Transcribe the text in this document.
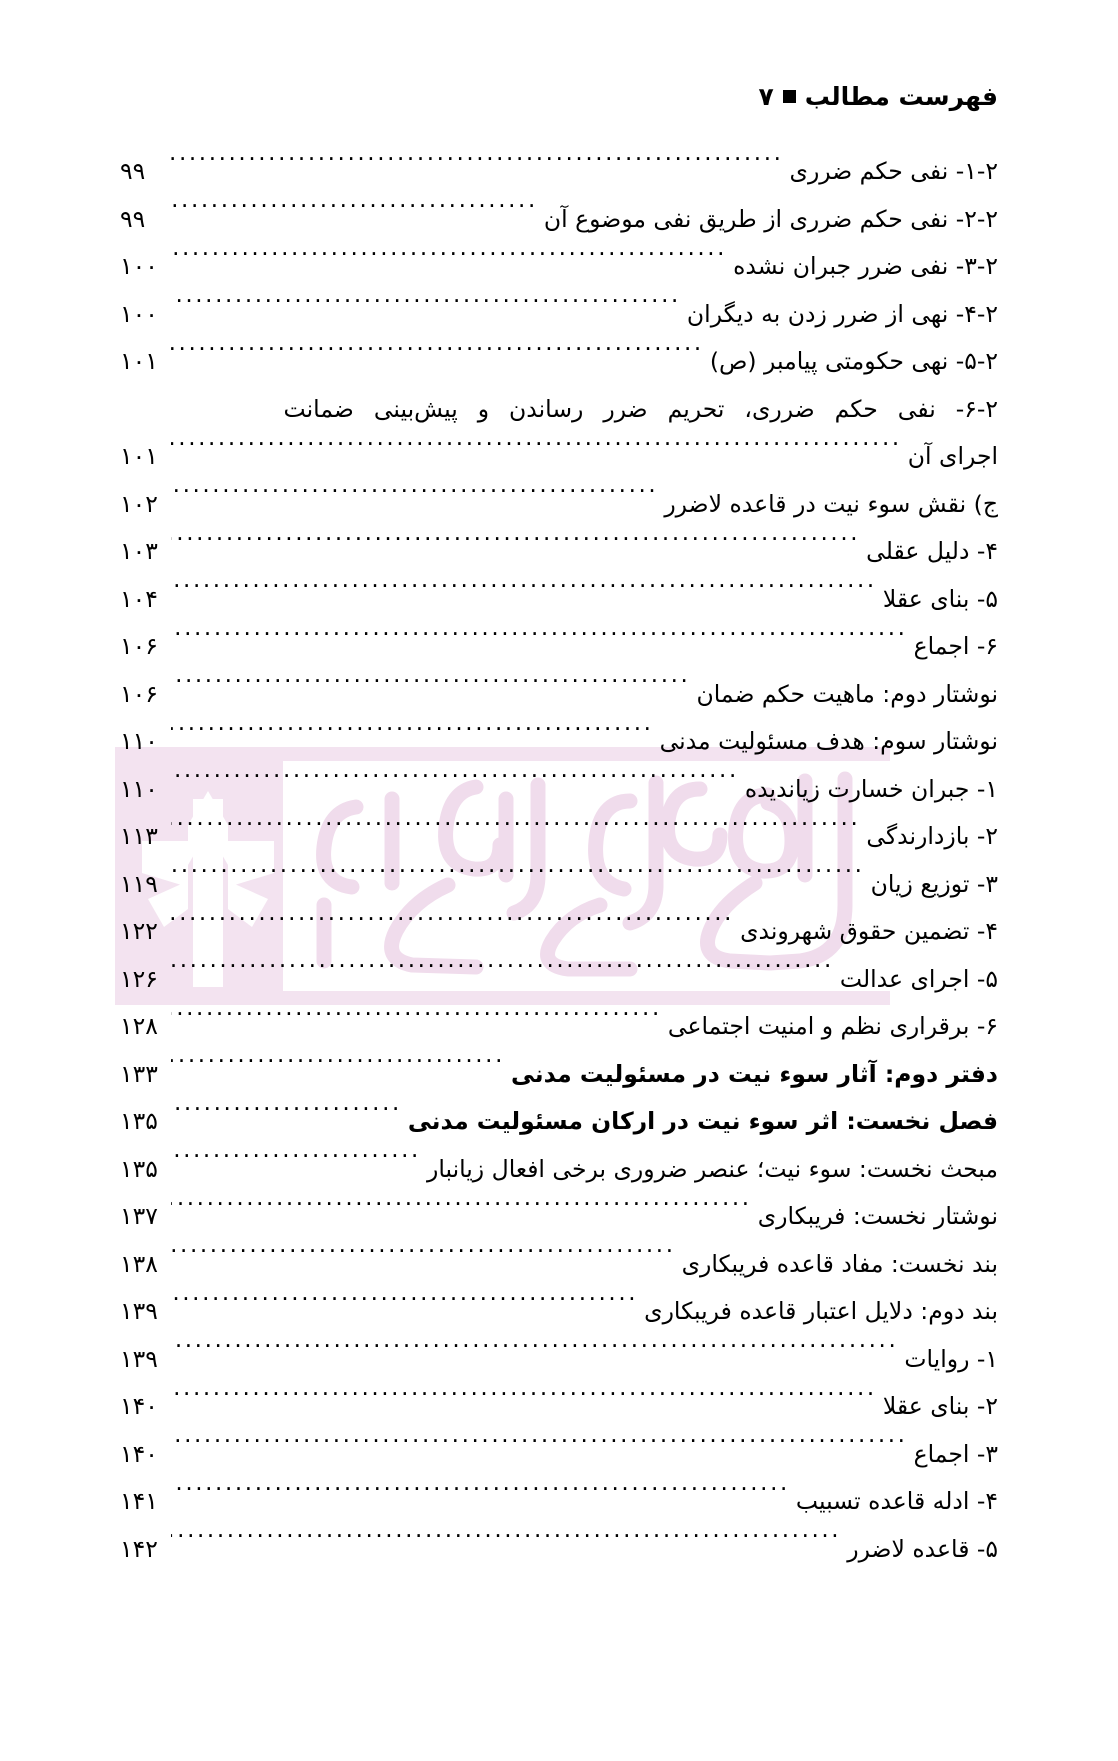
فهرست مطالب
۷
۱-۲- نفی حکم ضرری
.....
۹۹
۲-۲- نفی حکم ضرری از طریق نفی موضوع آن
.....
۹۹
۳-۲- نفی ضرر جبران نشده
.....
۱۰۰
۴-۲- نهی از ضرر زدن به دیگران
.....
۱۰۰
۵-۲- نهی حکومتی پیامبر (ص)
.....
۱۰۱
۶-۲- نفی حکم ضرری، تحریم ضرر رساندن و پیش‌بینی ضمانت
اجرای آن
.....
۱۰۱
ج) نقش سوء نیت در قاعده لاضرر
.....
۱۰۲
۴- دلیل عقلی
.....
۱۰۳
۵- بنای عقلا
.....
۱۰۴
۶- اجماع
.....
۱۰۶
نوشتار دوم: ماهیت حکم ضمان
.....
۱۰۶
نوشتار سوم: هدف مسئولیت مدنی
.....
۱۱۰
۱- جبران خسارت زیاندیده
.....
۱۱۰
۲- بازدارندگی
.....
۱۱۳
۳- توزیع زیان
.....
۱۱۹
۴- تضمین حقوق شهروندی
.....
۱۲۲
۵- اجرای عدالت
.....
۱۲۶
۶- برقراری نظم و امنیت اجتماعی
.....
۱۲۸
دفتر دوم: آثار سوء نیت در مسئولیت مدنی
.....
۱۳۳
فصل نخست: اثر سوء نیت در ارکان مسئولیت مدنی
.....
۱۳۵
مبحث نخست: سوء نیت؛ عنصر ضروری برخی افعال زیانبار
.....
۱۳۵
نوشتار نخست: فریبکاری
.....
۱۳۷
بند نخست: مفاد قاعده فریبکاری
.....
۱۳۸
بند دوم: دلایل اعتبار قاعده فریبکاری
.....
۱۳۹
۱- روایات
.....
۱۳۹
۲- بنای عقلا
.....
۱۴۰
۳- اجماع
.....
۱۴۰
۴- ادله قاعده تسبیب
.....
۱۴۱
۵- قاعده لاضرر
.....
۱۴۲
